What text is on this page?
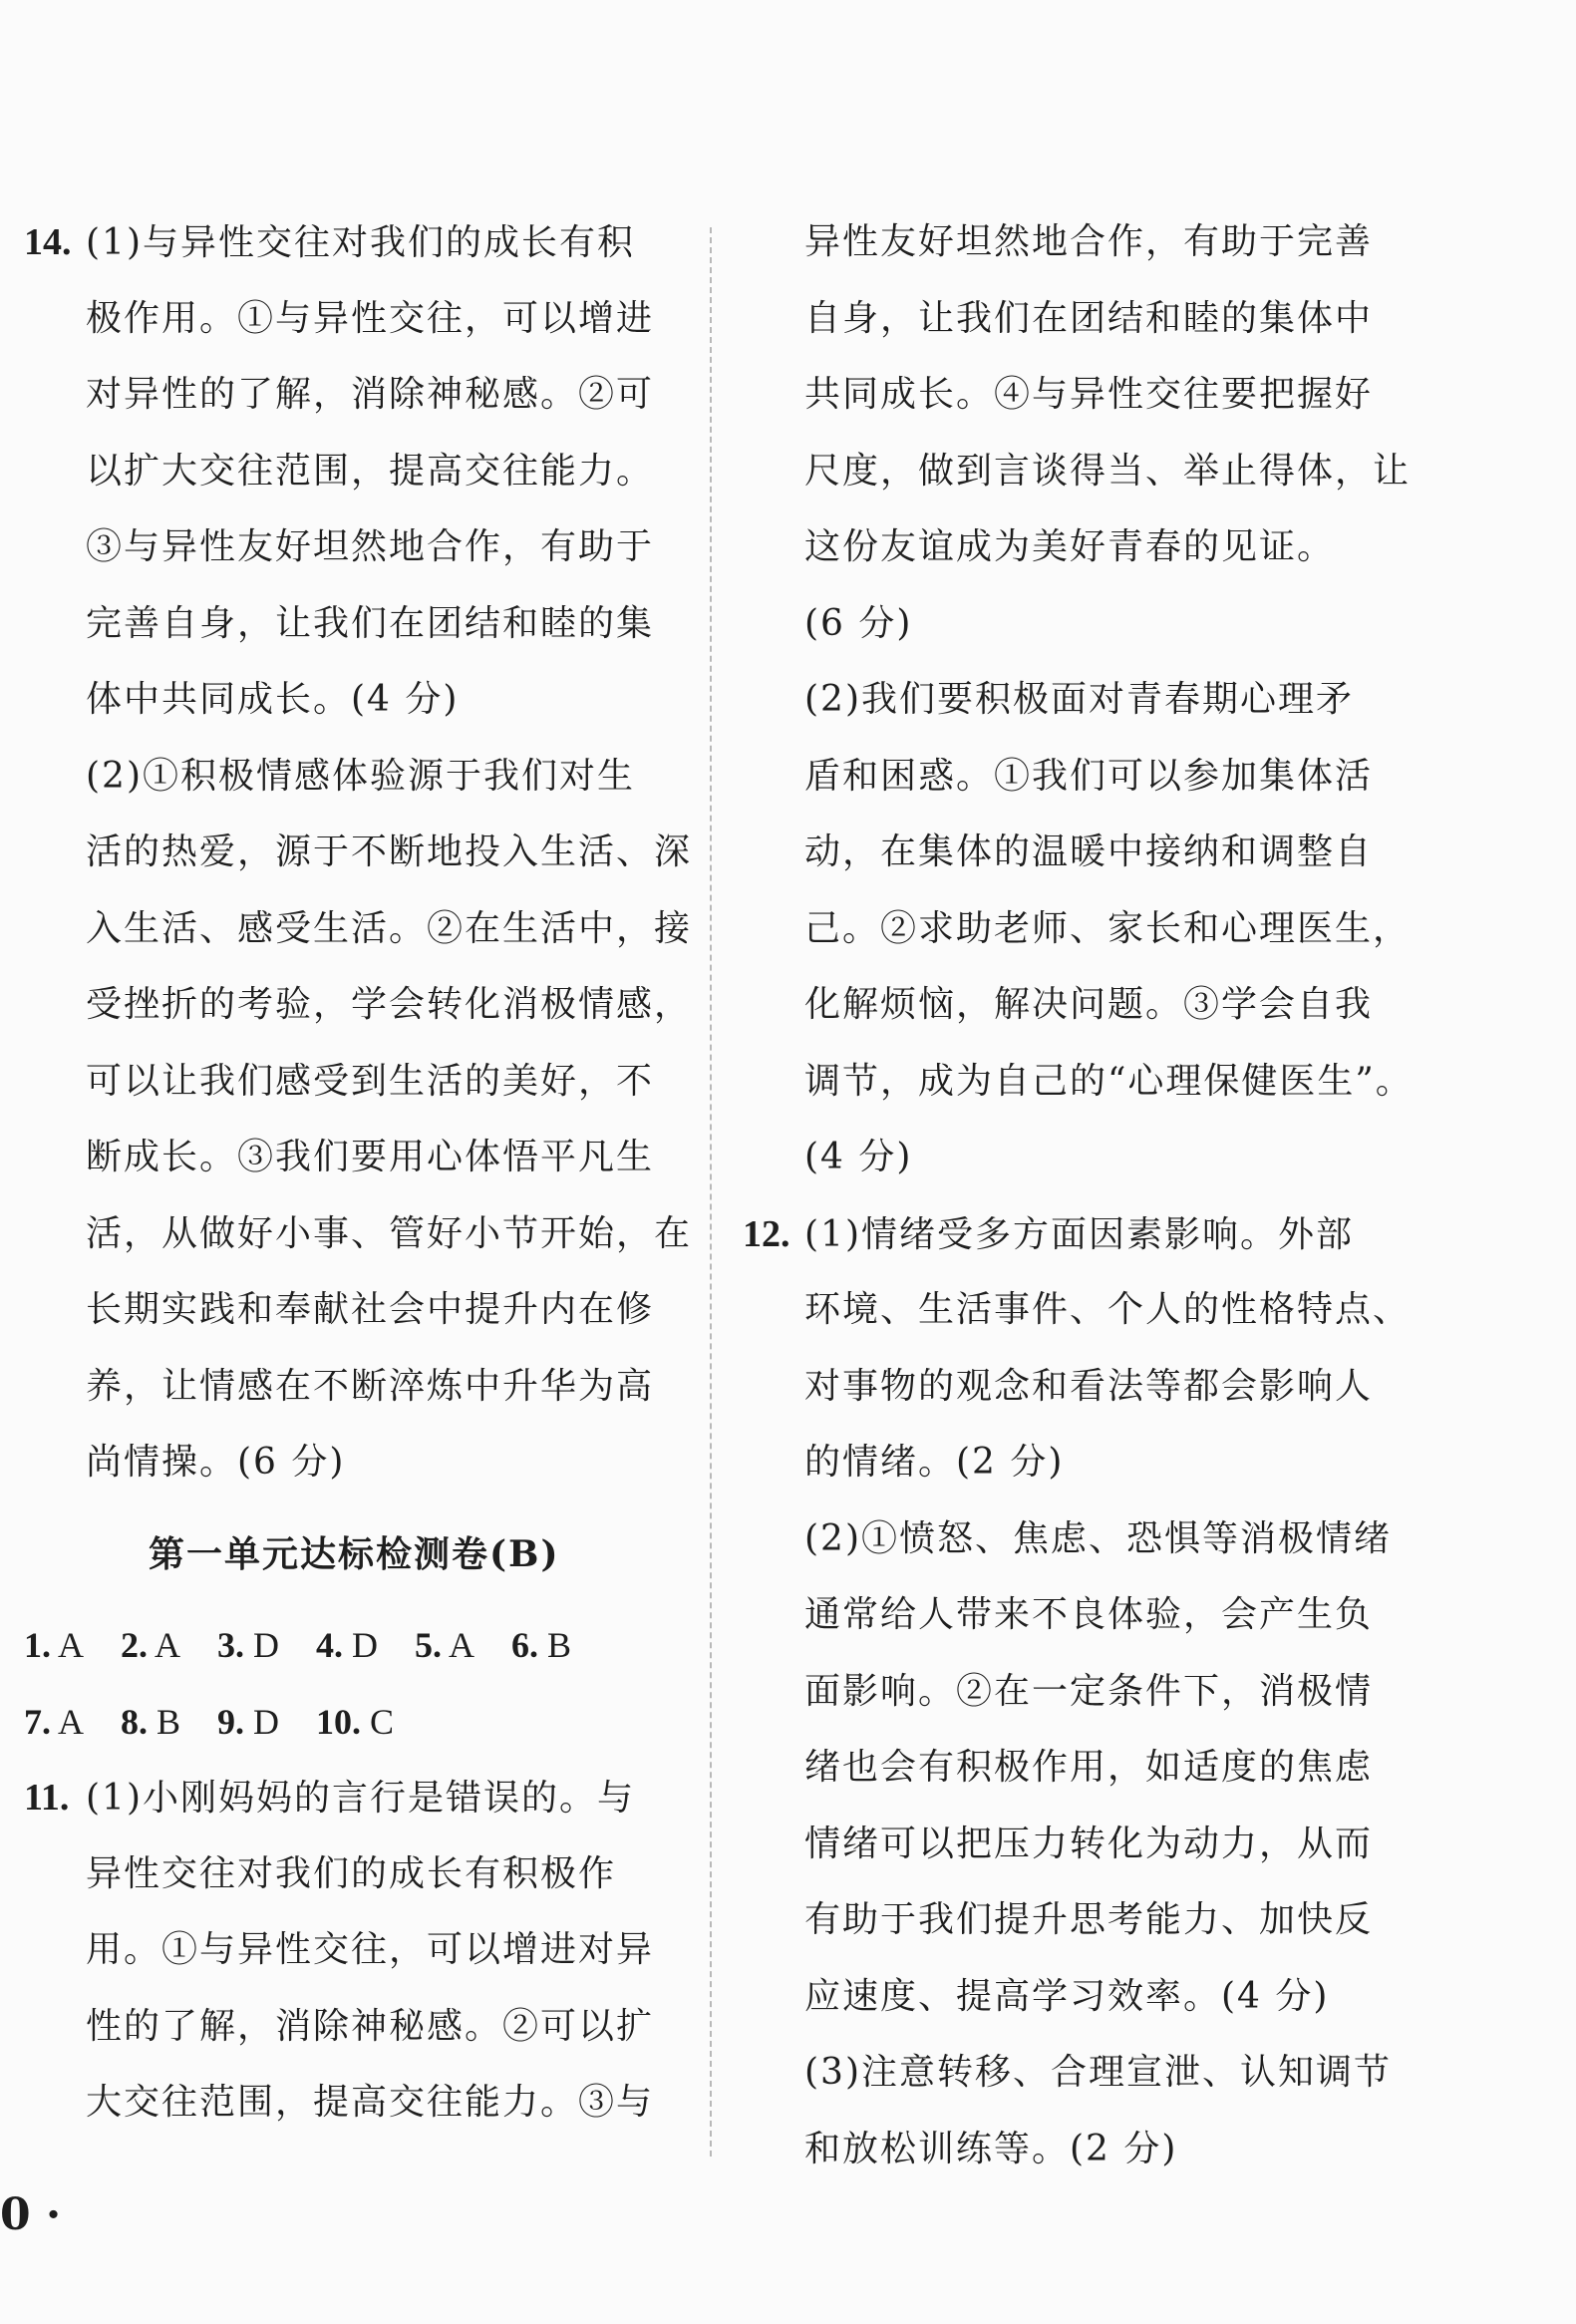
14. (1)与异性交往对我们的成长有积
极作用。①与异性交往，可以增进
对异性的了解，消除神秘感。②可
以扩大交往范围，提高交往能力。
③与异性友好坦然地合作，有助于
完善自身，让我们在团结和睦的集
体中共同成长。(4 分)
(2)①积极情感体验源于我们对生
活的热爱，源于不断地投入生活、深
入生活、感受生活。②在生活中，接
受挫折的考验，学会转化消极情感，
可以让我们感受到生活的美好，不
断成长。③我们要用心体悟平凡生
活，从做好小事、管好小节开始，在
长期实践和奉献社会中提升内在修
养，让情感在不断淬炼中升华为高
尚情操。(6 分)
第一单元达标检测卷(B)
1. A 2. A 3. D 4. D 5. A 6. B
7. A 8. B 9. D 10. C
11. (1)小刚妈妈的言行是错误的。与
异性交往对我们的成长有积极作
用。①与异性交往，可以增进对异
性的了解，消除神秘感。②可以扩
大交往范围，提高交往能力。③与
异性友好坦然地合作，有助于完善
自身，让我们在团结和睦的集体中
共同成长。④与异性交往要把握好
尺度，做到言谈得当、举止得体，让
这份友谊成为美好青春的见证。
(6 分)
(2)我们要积极面对青春期心理矛
盾和困惑。①我们可以参加集体活
动，在集体的温暖中接纳和调整自
己。②求助老师、家长和心理医生，
化解烦恼，解决问题。③学会自我
调节，成为自己的“心理保健医生”。
(4 分)
12. (1)情绪受多方面因素影响。外部
环境、生活事件、个人的性格特点、
对事物的观念和看法等都会影响人
的情绪。(2 分)
(2)①愤怒、焦虑、恐惧等消极情绪
通常给人带来不良体验，会产生负
面影响。②在一定条件下，消极情
绪也会有积极作用，如适度的焦虑
情绪可以把压力转化为动力，从而
有助于我们提升思考能力、加快反
应速度、提高学习效率。(4 分)
(3)注意转移、合理宣泄、认知调节
和放松训练等。(2 分)
0 ·
